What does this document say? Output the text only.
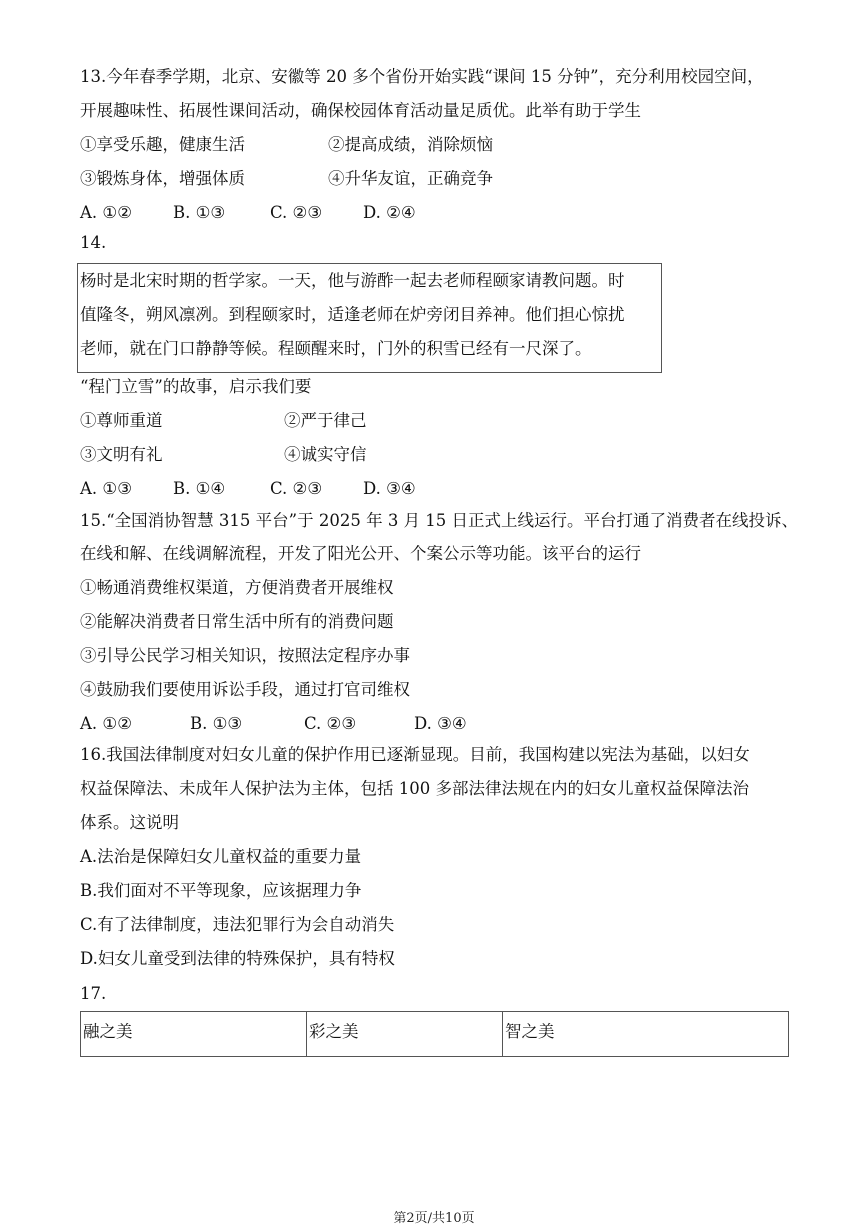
13.今年春季学期，北京、安徽等 20 多个省份开始实践“课间 15 分钟”，充分利用校园空间，
开展趣味性、拓展性课间活动，确保校园体育活动量足质优。此举有助于学生
①享受乐趣，健康生活	②提高成绩，消除烦恼
③锻炼身体，增强体质	④升华友谊，正确竞争
A. ①② B. ①③	C. ②③ D. ②④
14.
杨时是北宋时期的哲学家。一天，他与游酢一起去老师程颐家请教问题。时
值隆冬，朔风凛冽。到程颐家时，适逢老师在炉旁闭目养神。他们担心惊扰
老师，就在门口静静等候。程颐醒来时，门外的积雪已经有一尺深了。
“程门立雪”的故事，启示我们要
①尊师重道	②严于律己
③文明有礼	④诚实守信
A. ①③ B. ①④	C. ②③ D. ③④
15.“全国消协智慧 315 平台”于 2025 年 3 月 15 日正式上线运行。平台打通了消费者在线投诉、
在线和解、在线调解流程，开发了阳光公开、个案公示等功能。该平台的运行
①畅通消费维权渠道，方便消费者开展维权
②能解决消费者日常生活中所有的消费问题
③引导公民学习相关知识，按照法定程序办事
④鼓励我们要使用诉讼手段，通过打官司维权
A. ①②	B. ①③	C. ②③	D. ③④
16.我国法律制度对妇女儿童的保护作用已逐渐显现。目前，我国构建以宪法为基础，以妇女
权益保障法、未成年人保护法为主体，包括 100 多部法律法规在内的妇女儿童权益保障法治
体系。这说明
A.法治是保障妇女儿童权益的重要力量
B.我们面对不平等现象，应该据理力争
C.有了法律制度，违法犯罪行为会自动消失
D.妇女儿童受到法律的特殊保护，具有特权
17.
融之美	彩之美	智之美
第2页/共10页
